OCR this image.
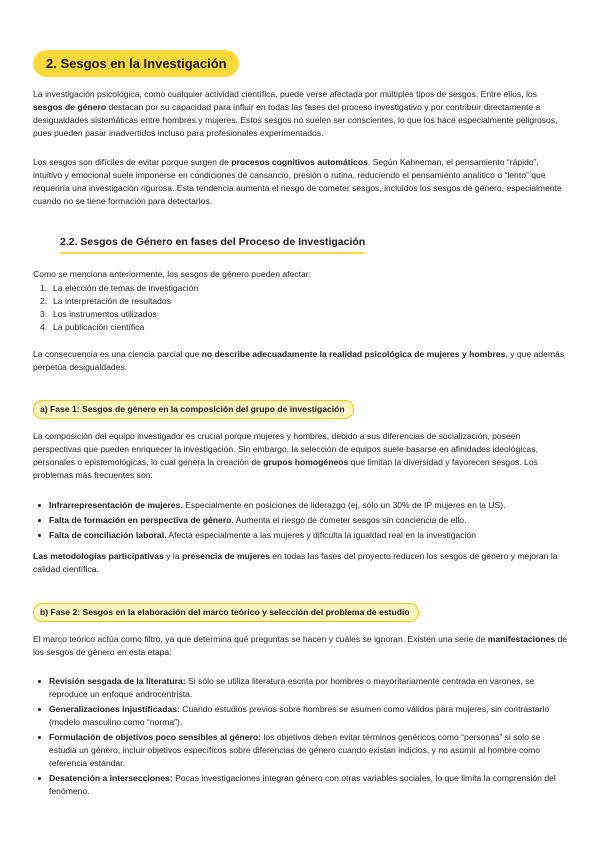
2. Sesgos en la Investigación

La investigación psicológica, como cualquier actividad científica, puede verse afectada por múltiples tipos de sesgos. Entre ellos, los sesgos de género destacan por su capacidad para influir en todas las fases del proceso investigativo y por contribuir directamente a desigualdades sistemáticas entre hombres y mujeres. Estos sesgos no suelen ser conscientes, lo que los hace especialmente peligrosos, pues pueden pasar inadvertidos incluso para profesionales experimentados.

Los sesgos son difíciles de evitar porque surgen de procesos cognitivos automáticos. Según Kahneman, el pensamiento “rápido”, intuitivo y emocional suele imponerse en condiciones de cansancio, presión o rutina, reduciendo el pensamiento analítico o “lento” que requeriría una investigación rigurosa. Esta tendencia aumenta el riesgo de cometer sesgos, incluidos los sesgos de género, especialmente cuando no se tiene formación para detectarlos.

2.2. Sesgos de Género en fases del Proceso de Investigación

Como se menciona anteriormente, los sesgos de género pueden afectar:

1. La elección de temas de investigación
2. La interpretación de resultados
3. Los instrumentos utilizados
4. La publicación científica

La consecuencia es una ciencia parcial que no describe adecuadamente la realidad psicológica de mujeres y hombres, y que además perpetúa desigualdades.

a) Fase 1: Sesgos de género en la composición del grupo de investigación

La composición del equipo investigador es crucial porque mujeres y hombres, debido a sus diferencias de socialización, poseen perspectivas que pueden enriquecer la investigación. Sin embargo, la selección de equipos suele basarse en afinidades ideológicas, personales o epistemológicas, lo cual genera la creación de grupos homogéneos que limitan la diversidad y favorecen sesgos. Los problemas más frecuentes son:

Infrarrepresentación de mujeres. Especialmente en posiciones de liderazgo (ej, sólo un 30% de IP mujeres en la US).
Falta de formación en perspectiva de género. Aumenta el riesgo de cometer sesgos sin conciencia de ello.
Falta de conciliación laboral. Afecta especialmente a las mujeres y dificulta la igualdad real en la investigación

Las metodologías participativas y la presencia de mujeres en todas las fases del proyecto reducen los sesgos de género y mejoran la calidad científica.

b) Fase 2: Sesgos en la elaboración del marco teórico y selección del problema de estudio

El marco teórico actúa como filtro, ya que determina qué preguntas se hacen y cuáles se ignoran. Existen una serie de manifestaciones de los sesgos de género en esta etapa:

Revisión sesgada de la literatura: Si sólo se utiliza literatura escrita por hombres o mayoritariamente centrada en varones, se reproduce un enfoque androcentrista.
Generalizaciones injustificadas: Cuando estudios previos sobre hombres se asumen como válidos para mujeres, sin contrastarlo (modelo masculino como “norma”).
Formulación de objetivos poco sensibles al género: los objetivos deben evitar términos genéricos como “personas” si solo se estudia un género, incluir objetivos específicos sobre diferencias de género cuando existan indicios, y no asumir al hombre como referencia estándar.
Desatención a intersecciones: Pocas investigaciones integran género con otras variables sociales, lo que limita la comprensión del fenómeno.
